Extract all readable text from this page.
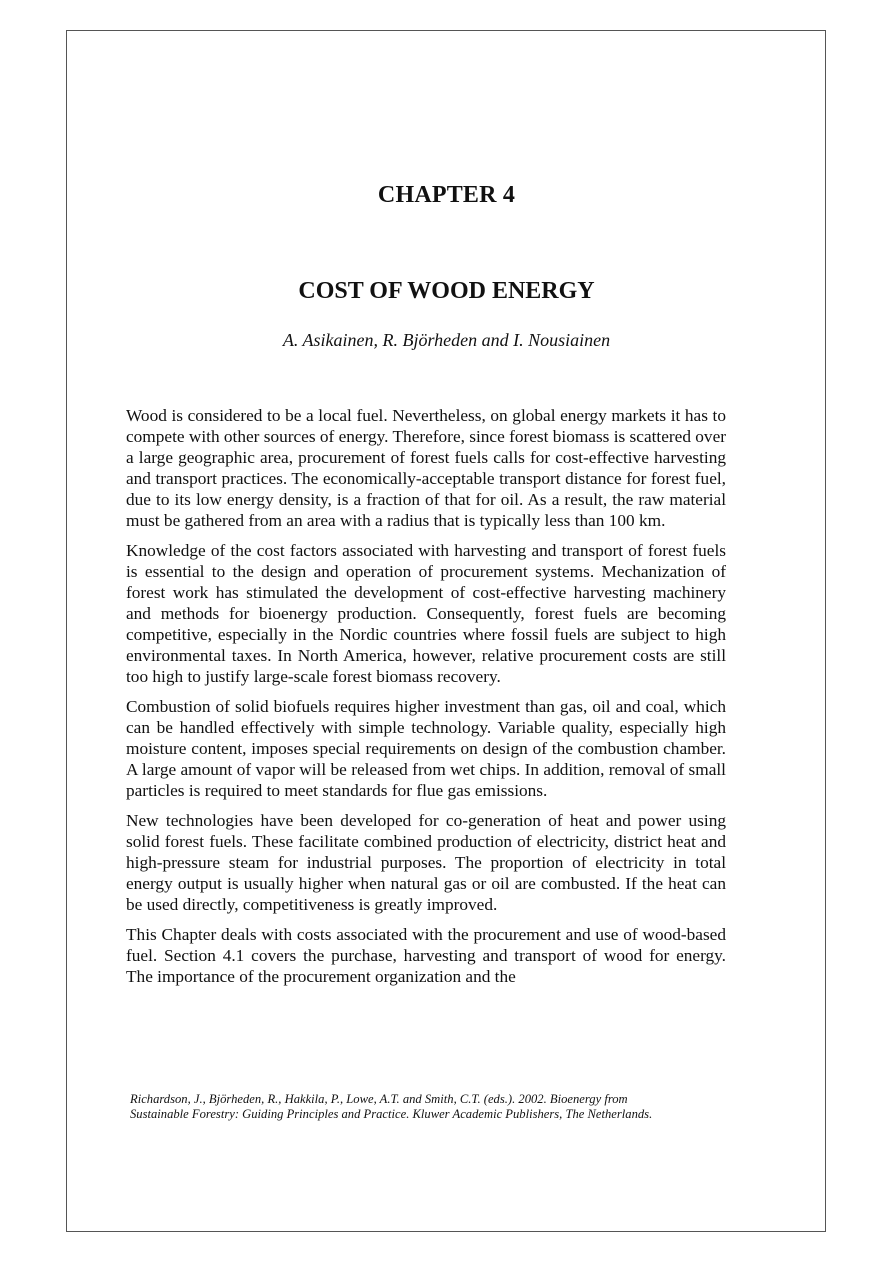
CHAPTER 4
COST OF WOOD ENERGY
A. Asikainen, R. Björheden and I. Nousiainen

Wood is considered to be a local fuel. Nevertheless, on global energy markets it has to compete with other sources of energy. Therefore, since forest biomass is scattered over a large geographic area, procurement of forest fuels calls for cost-effective harvesting and transport practices. The economically-acceptable transport distance for forest fuel, due to its low energy density, is a fraction of that for oil. As a result, the raw material must be gathered from an area with a radius that is typically less than 100 km.

Knowledge of the cost factors associated with harvesting and transport of forest fuels is essential to the design and operation of procurement systems. Mechanization of forest work has stimulated the development of cost-effective harvesting machinery and methods for bioenergy production. Consequently, forest fuels are becoming competitive, especially in the Nordic countries where fossil fuels are subject to high environmental taxes. In North America, however, relative procurement costs are still too high to justify large-scale forest biomass recovery.

Combustion of solid biofuels requires higher investment than gas, oil and coal, which can be handled effectively with simple technology. Variable quality, especially high moisture content, imposes special requirements on design of the combustion chamber. A large amount of vapor will be released from wet chips. In addition, removal of small particles is required to meet standards for flue gas emissions.

New technologies have been developed for co-generation of heat and power using solid forest fuels. These facilitate combined production of electricity, district heat and high-pressure steam for industrial purposes. The proportion of electricity in total energy output is usually higher when natural gas or oil are combusted. If the heat can be used directly, competitiveness is greatly improved.

This Chapter deals with costs associated with the procurement and use of wood-based fuel. Section 4.1 covers the purchase, harvesting and transport of wood for energy. The importance of the procurement organization and the

Richardson, J., Björheden, R., Hakkila, P., Lowe, A.T. and Smith, C.T. (eds.). 2002. Bioenergy from
Sustainable Forestry: Guiding Principles and Practice. Kluwer Academic Publishers, The Netherlands.
